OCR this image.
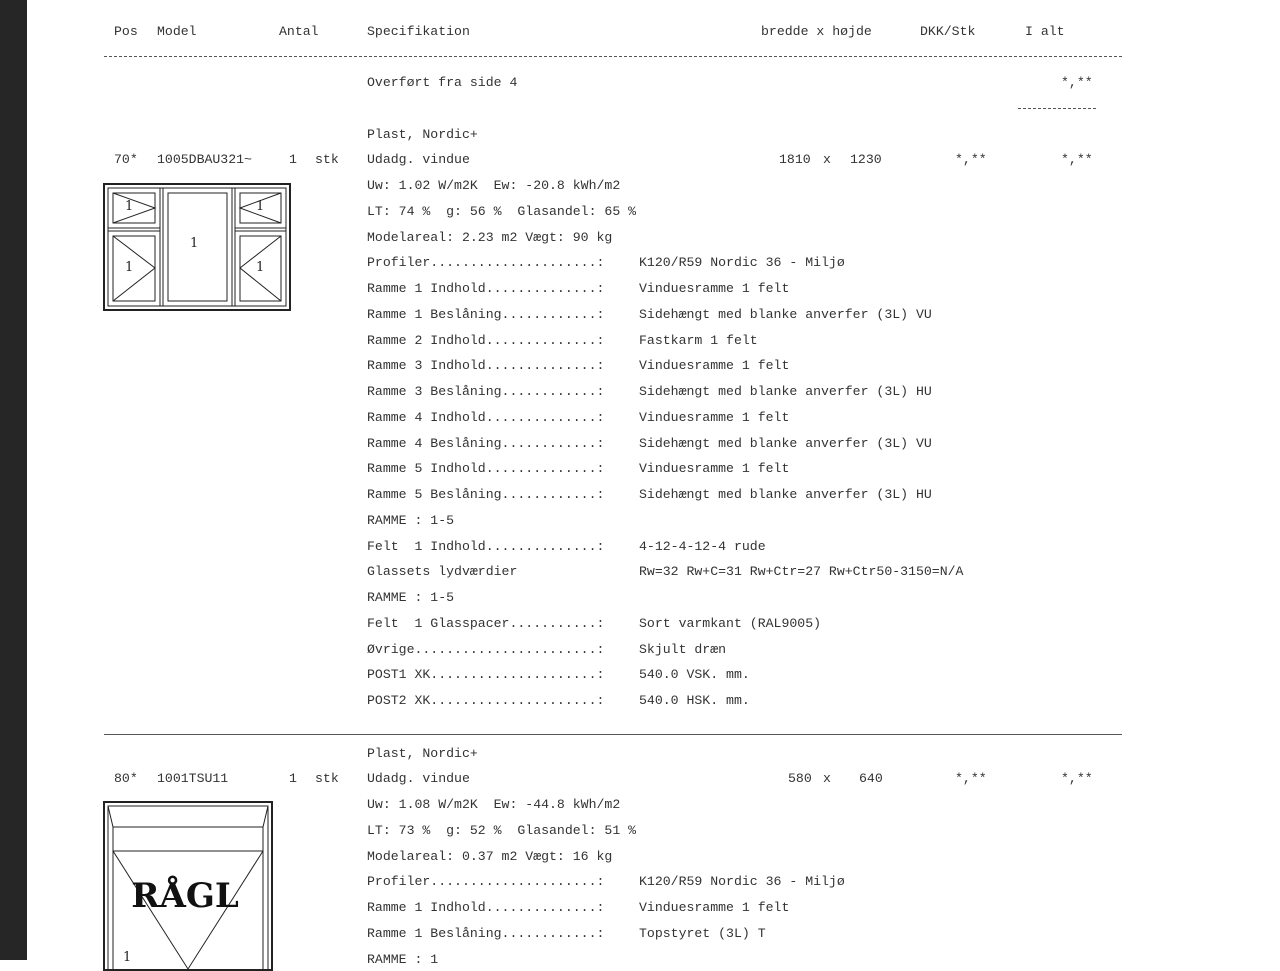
Pos Model	Antal	Specifikation	bredde x højde	DKK/Stk	I alt
Overført fra side 4	*,**
70* 1005DBAU321~	1 stk	1810 x 1230	*,**	*,**
1
1
1
1
1
Plast, Nordic+
Udadg. vindue
Uw: 1.02 W/m2K  Ew: -20.8 kWh/m2
LT: 74 %  g: 56 %  Glasandel: 65 %
Modelareal: 2.23 m2 Vægt: 90 kg
Profiler.....................:	K120/R59 Nordic 36 - Miljø
Ramme 1 Indhold..............:	Vinduesramme 1 felt
Ramme 1 Beslåning............:	Sidehængt med blanke anverfer (3L) VU
Ramme 2 Indhold..............:	Fastkarm 1 felt
Ramme 3 Indhold..............:	Vinduesramme 1 felt
Ramme 3 Beslåning............:	Sidehængt med blanke anverfer (3L) HU
Ramme 4 Indhold..............:	Vinduesramme 1 felt
Ramme 4 Beslåning............:	Sidehængt med blanke anverfer (3L) VU
Ramme 5 Indhold..............:	Vinduesramme 1 felt
Ramme 5 Beslåning............:	Sidehængt med blanke anverfer (3L) HU
RAMME : 1-5
Felt  1 Indhold..............:	4-12-4-12-4 rude
Glassets lydværdier	Rw=32 Rw+C=31 Rw+Ctr=27 Rw+Ctr50-3150=N/A
RAMME : 1-5
Felt  1 Glasspacer...........:	Sort varmkant (RAL9005)
Øvrige.......................:	Skjult dræn
POST1 XK.....................:	540.0 VSK. mm.
POST2 XK.....................:	540.0 HSK. mm.
80* 1001TSU11	1 stk	580 x 640	*,**	*,**
RÅGL
1
Plast, Nordic+
Udadg. vindue
Uw: 1.08 W/m2K  Ew: -44.8 kWh/m2
LT: 73 %  g: 52 %  Glasandel: 51 %
Modelareal: 0.37 m2 Vægt: 16 kg
Profiler.....................:	K120/R59 Nordic 36 - Miljø
Ramme 1 Indhold..............:	Vinduesramme 1 felt
Ramme 1 Beslåning............:	Topstyret (3L) T
RAMME : 1
